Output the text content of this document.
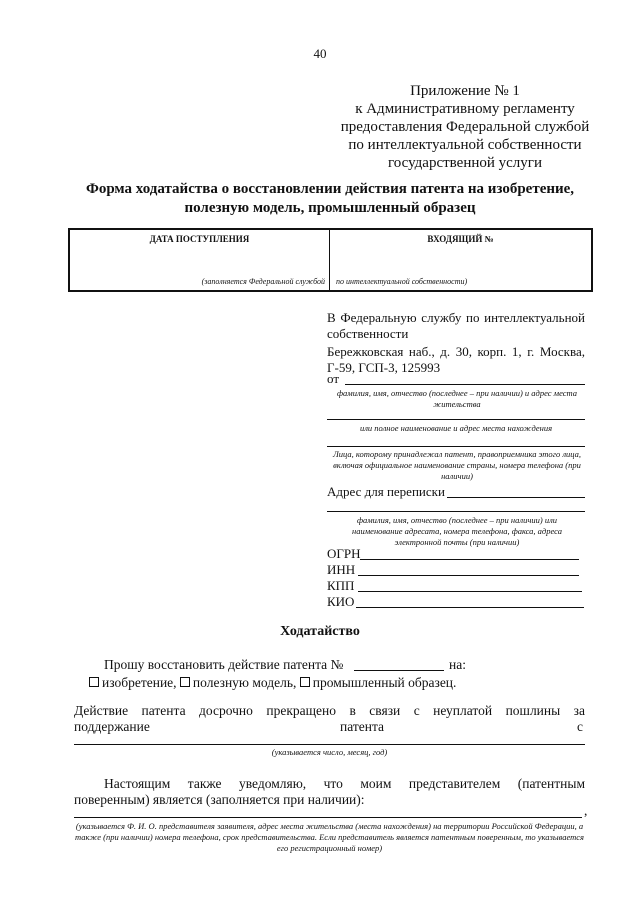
40
Приложение № 1
к Административному регламенту
предоставления Федеральной службой
по интеллектуальной собственности
государственной услуги
Форма ходатайства о восстановлении действия патента на изобретение,
полезную модель, промышленный образец
ДАТА ПОСТУПЛЕНИЯ	ВХОДЯЩИЙ №
(заполняется Федеральной службой по интеллектуальной собственности)
В Федеральную службу по интеллектуальной собственности
Бережковская наб., д. 30, корп. 1, г. Москва, Г-59, ГСП-3, 125993
от
фамилия, имя, отчество (последнее – при наличии) и адрес места жительства
или полное наименование и адрес места нахождения
Лица, которому принадлежал патент, правоприемника этого лица, включая официальное наименование страны, номера телефона (при наличии)
Адрес для переписки
фамилия, имя, отчество (последнее – при наличии) или наименование адресата, номера телефона, факса, адреса электронной почты (при наличии)
ОГРН
ИНН
КПП
КИО
Ходатайство
Прошу восстановить действие патента №	на:
изобретение, полезную модель, промышленный образец.
Действие патента досрочно прекращено в связи с неуплатой пошлины за
поддержание	патента	с
(указывается число, месяц, год)
Настоящим также уведомляю, что моим представителем (патентным
поверенным) является (заполняется при наличии):
,
(указывается Ф. И. О. представителя заявителя, адрес места жительства (места нахождения) на территории Российской Федерации, а также (при наличии) номера телефона, срок представительства. Если представитель является патентным поверенным, то указывается его регистрационный номер)
